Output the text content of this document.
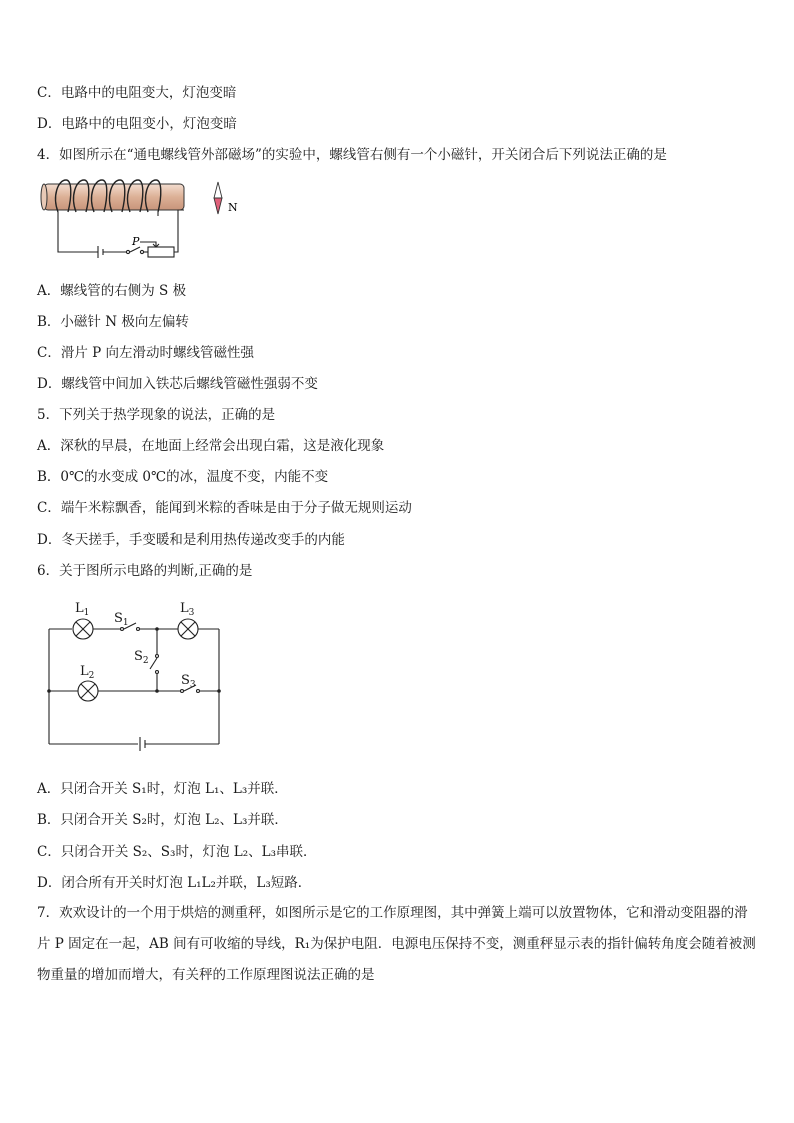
C．电路中的电阻变大，灯泡变暗
D．电路中的电阻变小，灯泡变暗
4．如图所示在“通电螺线管外部磁场”的实验中，螺线管右侧有一个小磁针，开关闭合后下列说法正确的是
P
N
A．螺线管的右侧为 S 极
B．小磁针 N 极向左偏转
C．滑片 P 向左滑动时螺线管磁性强
D．螺线管中间加入铁芯后螺线管磁性强弱不变
5．下列关于热学现象的说法，正确的是
A．深秋的早晨，在地面上经常会出现白霜，这是液化现象
B．0℃的水变成 0℃的冰，温度不变，内能不变
C．端午米粽飘香，能闻到米粽的香味是由于分子做无规则运动
D．冬天搓手，手变暖和是利用热传递改变手的内能
6．关于图所示电路的判断,正确的是
$L_1$ $S_1$
$L_3$
$S_2$
$L_2$	$S_3$
A．只闭合开关 S₁时，灯泡 L₁、L₃并联．
B．只闭合开关 S₂时，灯泡 L₂、L₃并联．
C．只闭合开关 S₂、S₃时，灯泡 L₂、L₃串联．
D．闭合所有开关时灯泡 L₁L₂并联，L₃短路．
7．欢欢设计的一个用于烘焙的测重秤，如图所示是它的工作原理图，其中弹簧上端可以放置物体，它和滑动变阻器的滑片 P 固定在一起，AB 间有可收缩的导线，R₁为保护电阻．电源电压保持不变，测重秤显示表的指针偏转角度会随着被测物重量的增加而增大，有关秤的工作原理图说法正确的是
